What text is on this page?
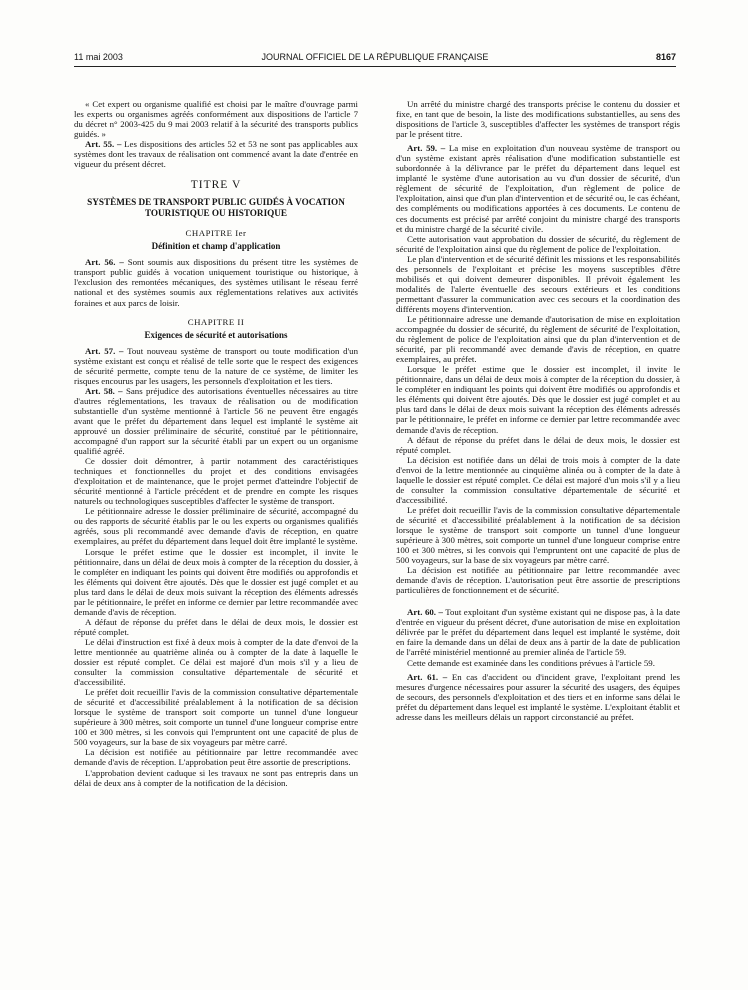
11 mai 2003	JOURNAL OFFICIEL DE LA RÉPUBLIQUE FRANÇAISE	8167

« Cet expert ou organisme qualifié est choisi par le maître d'ouvrage parmi les experts ou organismes agréés conformément aux dispositions de l'article 7 du décret n° 2003-425 du 9 mai 2003 relatif à la sécurité des transports publics guidés. »

Art. 55. – Les dispositions des articles 52 et 53 ne sont pas applicables aux systèmes dont les travaux de réalisation ont commencé avant la date d'entrée en vigueur du présent décret.

TITRE V
SYSTÈMES DE TRANSPORT PUBLIC GUIDÉS À VOCATION TOURISTIQUE OU HISTORIQUE
CHAPITRE Ier
Définition et champ d'application

Art. 56. – Sont soumis aux dispositions du présent titre les systèmes de transport public guidés à vocation uniquement touristique ou historique, à l'exclusion des remontées mécaniques, des systèmes utilisant le réseau ferré national et des systèmes soumis aux réglementations relatives aux activités foraines et aux parcs de loisir.

CHAPITRE II
Exigences de sécurité et autorisations

Art. 57. – Tout nouveau système de transport ou toute modification d'un système existant est conçu et réalisé de telle sorte que le respect des exigences de sécurité permette, compte tenu de la nature de ce système, de limiter les risques encourus par les usagers, les personnels d'exploitation et les tiers.

Art. 58. – Sans préjudice des autorisations éventuelles nécessaires au titre d'autres réglementations, les travaux de réalisation ou de modification substantielle d'un système mentionné à l'article 56 ne peuvent être engagés avant que le préfet du département dans lequel est implanté le système ait approuvé un dossier préliminaire de sécurité, constitué par le pétitionnaire, accompagné d'un rapport sur la sécurité établi par un expert ou un organisme qualifié agréé.

Ce dossier doit démontrer, à partir notamment des caractéristiques techniques et fonctionnelles du projet et des conditions envisagées d'exploitation et de maintenance, que le projet permet d'atteindre l'objectif de sécurité mentionné à l'article précédent et de prendre en compte les risques naturels ou technologiques susceptibles d'affecter le système de transport.

Le pétitionnaire adresse le dossier préliminaire de sécurité, accompagné du ou des rapports de sécurité établis par le ou les experts ou organismes qualifiés agréés, sous pli recommandé avec demande d'avis de réception, en quatre exemplaires, au préfet du département dans lequel doit être implanté le système.

Lorsque le préfet estime que le dossier est incomplet, il invite le pétitionnaire, dans un délai de deux mois à compter de la réception du dossier, à le compléter en indiquant les points qui doivent être modifiés ou approfondis et les éléments qui doivent être ajoutés. Dès que le dossier est jugé complet et au plus tard dans le délai de deux mois suivant la réception des éléments adressés par le pétitionnaire, le préfet en informe ce dernier par lettre recommandée avec demande d'avis de réception.

A défaut de réponse du préfet dans le délai de deux mois, le dossier est réputé complet.

Le délai d'instruction est fixé à deux mois à compter de la date d'envoi de la lettre mentionnée au quatrième alinéa ou à compter de la date à laquelle le dossier est réputé complet. Ce délai est majoré d'un mois s'il y a lieu de consulter la commission consultative départementale de sécurité et d'accessibilité.

Le préfet doit recueillir l'avis de la commission consultative départementale de sécurité et d'accessibilité préalablement à la notification de sa décision lorsque le système de transport soit comporte un tunnel d'une longueur supérieure à 300 mètres, soit comporte un tunnel d'une longueur comprise entre 100 et 300 mètres, si les convois qui l'empruntent ont une capacité de plus de 500 voyageurs, sur la base de six voyageurs par mètre carré.

La décision est notifiée au pétitionnaire par lettre recommandée avec demande d'avis de réception. L'approbation peut être assortie de prescriptions.

L'approbation devient caduque si les travaux ne sont pas entrepris dans un délai de deux ans à compter de la notification de la décision.

Un arrêté du ministre chargé des transports précise le contenu du dossier et fixe, en tant que de besoin, la liste des modifications substantielles, au sens des dispositions de l'article 3, susceptibles d'affecter les systèmes de transport régis par le présent titre.

Art. 59. – La mise en exploitation d'un nouveau système de transport ou d'un système existant après réalisation d'une modification substantielle est subordonnée à la délivrance par le préfet du département dans lequel est implanté le système d'une autorisation au vu d'un dossier de sécurité, d'un règlement de sécurité de l'exploitation, d'un règlement de police de l'exploitation, ainsi que d'un plan d'intervention et de sécurité ou, le cas échéant, des compléments ou modifications apportées à ces documents. Le contenu de ces documents est précisé par arrêté conjoint du ministre chargé des transports et du ministre chargé de la sécurité civile.

Cette autorisation vaut approbation du dossier de sécurité, du règlement de sécurité de l'exploitation ainsi que du règlement de police de l'exploitation.

Le plan d'intervention et de sécurité définit les missions et les responsabilités des personnels de l'exploitant et précise les moyens susceptibles d'être mobilisés et qui doivent demeurer disponibles. Il prévoit également les modalités de l'alerte éventuelle des secours extérieurs et les conditions permettant d'assurer la communication avec ces secours et la coordination des différents moyens d'intervention.

Le pétitionnaire adresse une demande d'autorisation de mise en exploitation accompagnée du dossier de sécurité, du règlement de sécurité de l'exploitation, du règlement de police de l'exploitation ainsi que du plan d'intervention et de sécurité, par pli recommandé avec demande d'avis de réception, en quatre exemplaires, au préfet.

Lorsque le préfet estime que le dossier est incomplet, il invite le pétitionnaire, dans un délai de deux mois à compter de la réception du dossier, à le compléter en indiquant les points qui doivent être modifiés ou approfondis et les éléments qui doivent être ajoutés. Dès que le dossier est jugé complet et au plus tard dans le délai de deux mois suivant la réception des éléments adressés par le pétitionnaire, le préfet en informe ce dernier par lettre recommandée avec demande d'avis de réception.

A défaut de réponse du préfet dans le délai de deux mois, le dossier est réputé complet.

La décision est notifiée dans un délai de trois mois à compter de la date d'envoi de la lettre mentionnée au cinquième alinéa ou à compter de la date à laquelle le dossier est réputé complet. Ce délai est majoré d'un mois s'il y a lieu de consulter la commission consultative départementale de sécurité et d'accessibilité.

Le préfet doit recueillir l'avis de la commission consultative départementale de sécurité et d'accessibilité préalablement à la notification de sa décision lorsque le système de transport soit comporte un tunnel d'une longueur supérieure à 300 mètres, soit comporte un tunnel d'une longueur comprise entre 100 et 300 mètres, si les convois qui l'empruntent ont une capacité de plus de 500 voyageurs, sur la base de six voyageurs par mètre carré.

La décision est notifiée au pétitionnaire par lettre recommandée avec demande d'avis de réception. L'autorisation peut être assortie de prescriptions particulières de fonctionnement et de sécurité.

Art. 60. – Tout exploitant d'un système existant qui ne dispose pas, à la date d'entrée en vigueur du présent décret, d'une autorisation de mise en exploitation délivrée par le préfet du département dans lequel est implanté le système, doit en faire la demande dans un délai de deux ans à partir de la date de publication de l'arrêté ministériel mentionné au premier alinéa de l'article 59.

Cette demande est examinée dans les conditions prévues à l'article 59.

Art. 61. – En cas d'accident ou d'incident grave, l'exploitant prend les mesures d'urgence nécessaires pour assurer la sécurité des usagers, des équipes de secours, des personnels d'exploitation et des tiers et en informe sans délai le préfet du département dans lequel est implanté le système. L'exploitant établit et adresse dans les meilleurs délais un rapport circonstancié au préfet.
